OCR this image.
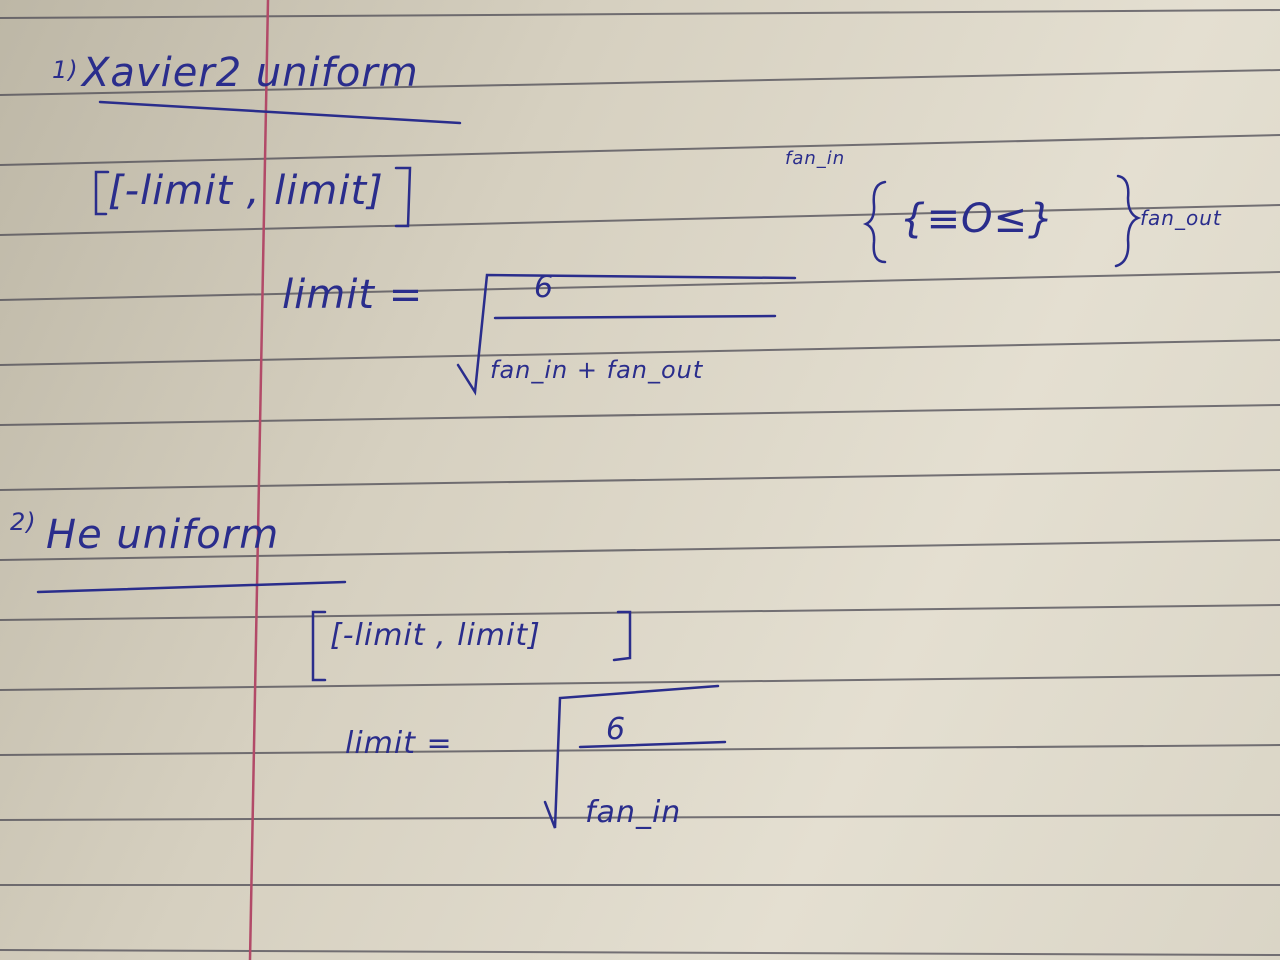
1) Xavier2 uniform
[-limit , limit]
limit =	6
fan_in + fan_out
fan_in
{≡O≤}	fan_out
2) He uniform
[-limit , limit]
limit =	6
fan_in
